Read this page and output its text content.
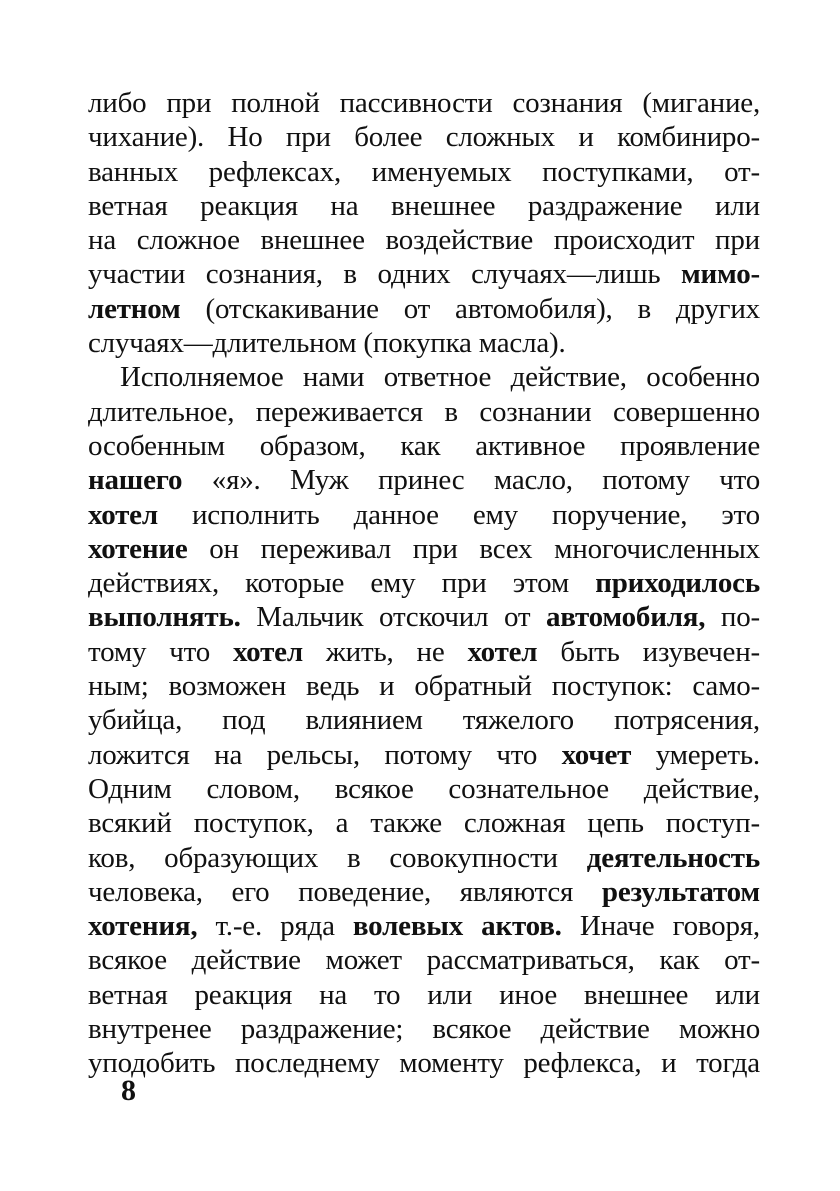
либо при полной пассивности сознания (мигание,
чихание). Но при более сложных и комбиниро-
ванных рефлексах, именуемых поступками, от-
ветная реакция на внешнее раздражение или
на сложное внешнее воздействие происходит при
участии сознания, в одних случаях—лишь мимо-
летном (отскакивание от автомобиля), в других
случаях—длительном (покупка масла).
Исполняемое нами ответное действие, особенно
длительное, переживается в сознании совершенно
особенным образом, как активное проявление
нашего «я». Муж принес масло, потому что
хотел исполнить данное ему поручение, это
хотение он переживал при всех многочисленных
действиях, которые ему при этом приходилось
выполнять. Мальчик отскочил от автомобиля, по-
тому что хотел жить, не хотел быть изувечен-
ным; возможен ведь и обратный поступок: само-
убийца, под влиянием тяжелого потрясения,
ложится на рельсы, потому что хочет умереть.
Одним словом, всякое сознательное действие,
всякий поступок, а также сложная цепь поступ-
ков, образующих в совокупности деятельность
человека, его поведение, являются результатом
хотения, т.-е. ряда волевых актов. Иначе говоря,
всякое действие может рассматриваться, как от-
ветная реакция на то или иное внешнее или
внутренее раздражение; всякое действие можно
уподобить последнему моменту рефлекса, и тогда
8
